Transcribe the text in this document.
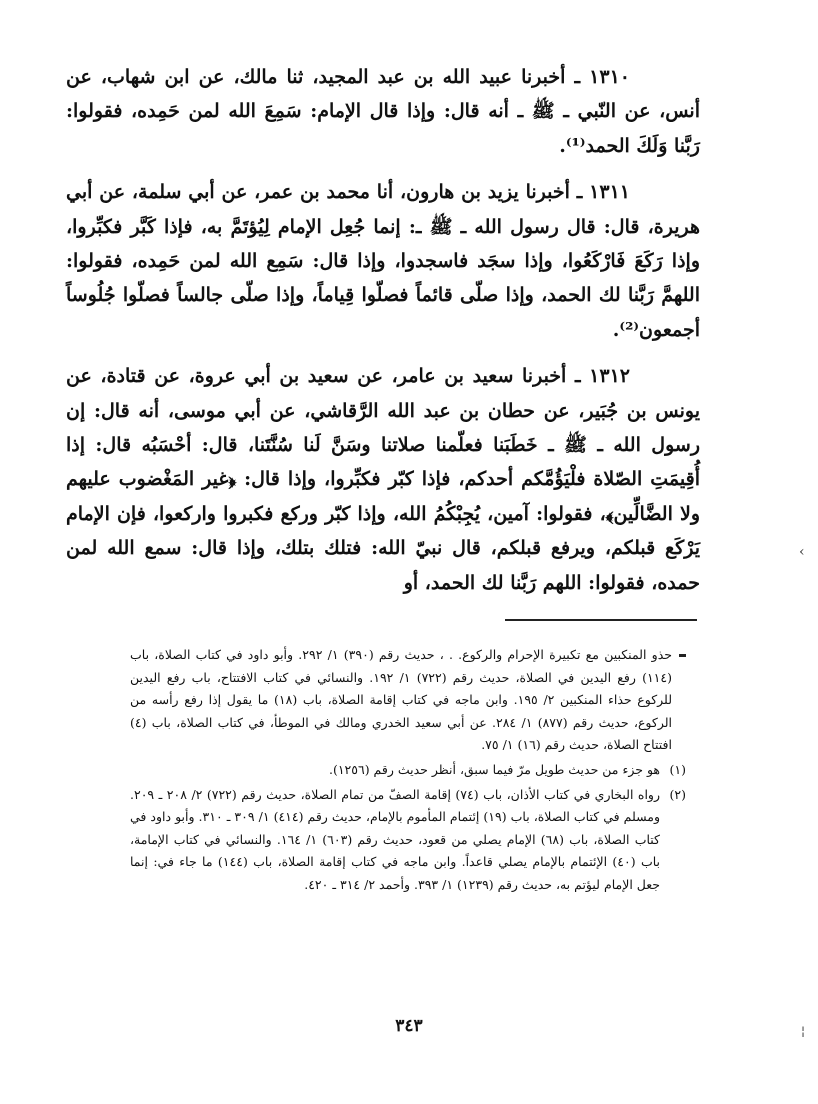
١٣١٠ ـ أخبرنا عبيد الله بن عبد المجيد، ثنا مالك، عن ابن شهاب، عن أنس، عن النّبي ـ ﷺ ـ أنه قال: وإذا قال الإمام: سَمِعَ الله لمن حَمِده، فقولوا: رَبَّنا وَلَكَ الحمد⁽¹⁾.

١٣١١ ـ أخبرنا يزيد بن هارون، أنا محمد بن عمر، عن أبي سلمة، عن أبي هريرة، قال: قال رسول الله ـ ﷺ ـ: إنما جُعِل الإمام لِيُؤتَمَّ به، فإذا كَبَّر فكبِّروا، وإذا رَكَعَ فَارْكَعُوا، وإذا سجَد فاسجدوا، وإذا قال: سَمِع الله لمن حَمِده، فقولوا: اللهمَّ رَبَّنا لك الحمد، وإذا صلّى قائماً فصلّوا قِياماً، وإذا صلّى جالساً فصلّوا جُلُوساً أجمعون⁽²⁾.

١٣١٢ ـ أخبرنا سعيد بن عامر، عن سعيد بن أبي عروة، عن قتادة، عن يونس بن جُبَير، عن حطان بن عبد الله الرَّقاشي، عن أبي موسى، أنه قال: إن رسول الله ـ ﷺ ـ خَطَبَنا فعلّمنا صلاتنا وسَنَّ لَنا سُنَّتَنا، قال: أحْسَبُه قال: إذا أُقِيمَتِ الصّلاة فلْيَؤُمَّكم أحدكم، فإذا كبّر فكبِّروا، وإذا قال: ﴿غير المَغْضوب عليهم ولا الضَّالِّين﴾، فقولوا: آمين، يُجِبْكُمُ الله، وإذا كبّر وركع فكبروا واركعوا، فإن الإمام يَرْكَع قبلكم، ويرفع قبلكم، قال نبيّ الله: فتلك بتلك، وإذا قال: سمع الله لمن حمده، فقولوا: اللهم رَبَّنا لك الحمد، أو

حذو المنكبين مع تكبيرة الإحرام والركوع. . ، حديث رقم (٣٩٠) ١/ ٢٩٢. وأبو داود في كتاب الصلاة، باب (١١٤) رفع اليدين في الصلاة، حديث رقم (٧٢٢) ١/ ١٩٢. والنسائي في كتاب الافتتاح، باب رفع اليدين للركوع حذاء المنكبين ٢/ ١٩٥. وابن ماجه في كتاب إقامة الصلاة، باب (١٨) ما يقول إذا رفع رأسه من الركوع، حديث رقم (٨٧٧) ١/ ٢٨٤. عن أبي سعيد الخدري ومالك في الموطأ، في كتاب الصلاة، باب (٤) افتتاح الصلاة، حديث رقم (١٦) ١/ ٧٥.

(١)
هو جزء من حديث طويل مرّ فيما سبق، أنظر حديث رقم (١٢٥٦).

(٢)
رواه البخاري في كتاب الأذان، باب (٧٤) إقامة الصفّ من تمام الصلاة، حديث رقم (٧٢٢) ٢/ ٢٠٨ ـ ٢٠٩. ومسلم في كتاب الصلاة، باب (١٩) إئتمام المأموم بالإمام، حديث رقم (٤١٤) ١/ ٣٠٩ ـ ٣١٠. وأبو داود في كتاب الصلاة، باب (٦٨) الإمام يصلي من قعود، حديث رقم (٦٠٣) ١/ ١٦٤. والنسائي في كتاب الإمامة، باب (٤٠) الإئتمام بالإمام يصلي قاعداً. وابن ماجه في كتاب إقامة الصلاة، باب (١٤٤) ما جاء في: إنما جعل الإمام ليؤتم به، حديث رقم (١٢٣٩) ١/ ٣٩٣. وأحمد ٢/ ٣١٤ ـ ٤٢٠.

٣٤٣
‹
¦
